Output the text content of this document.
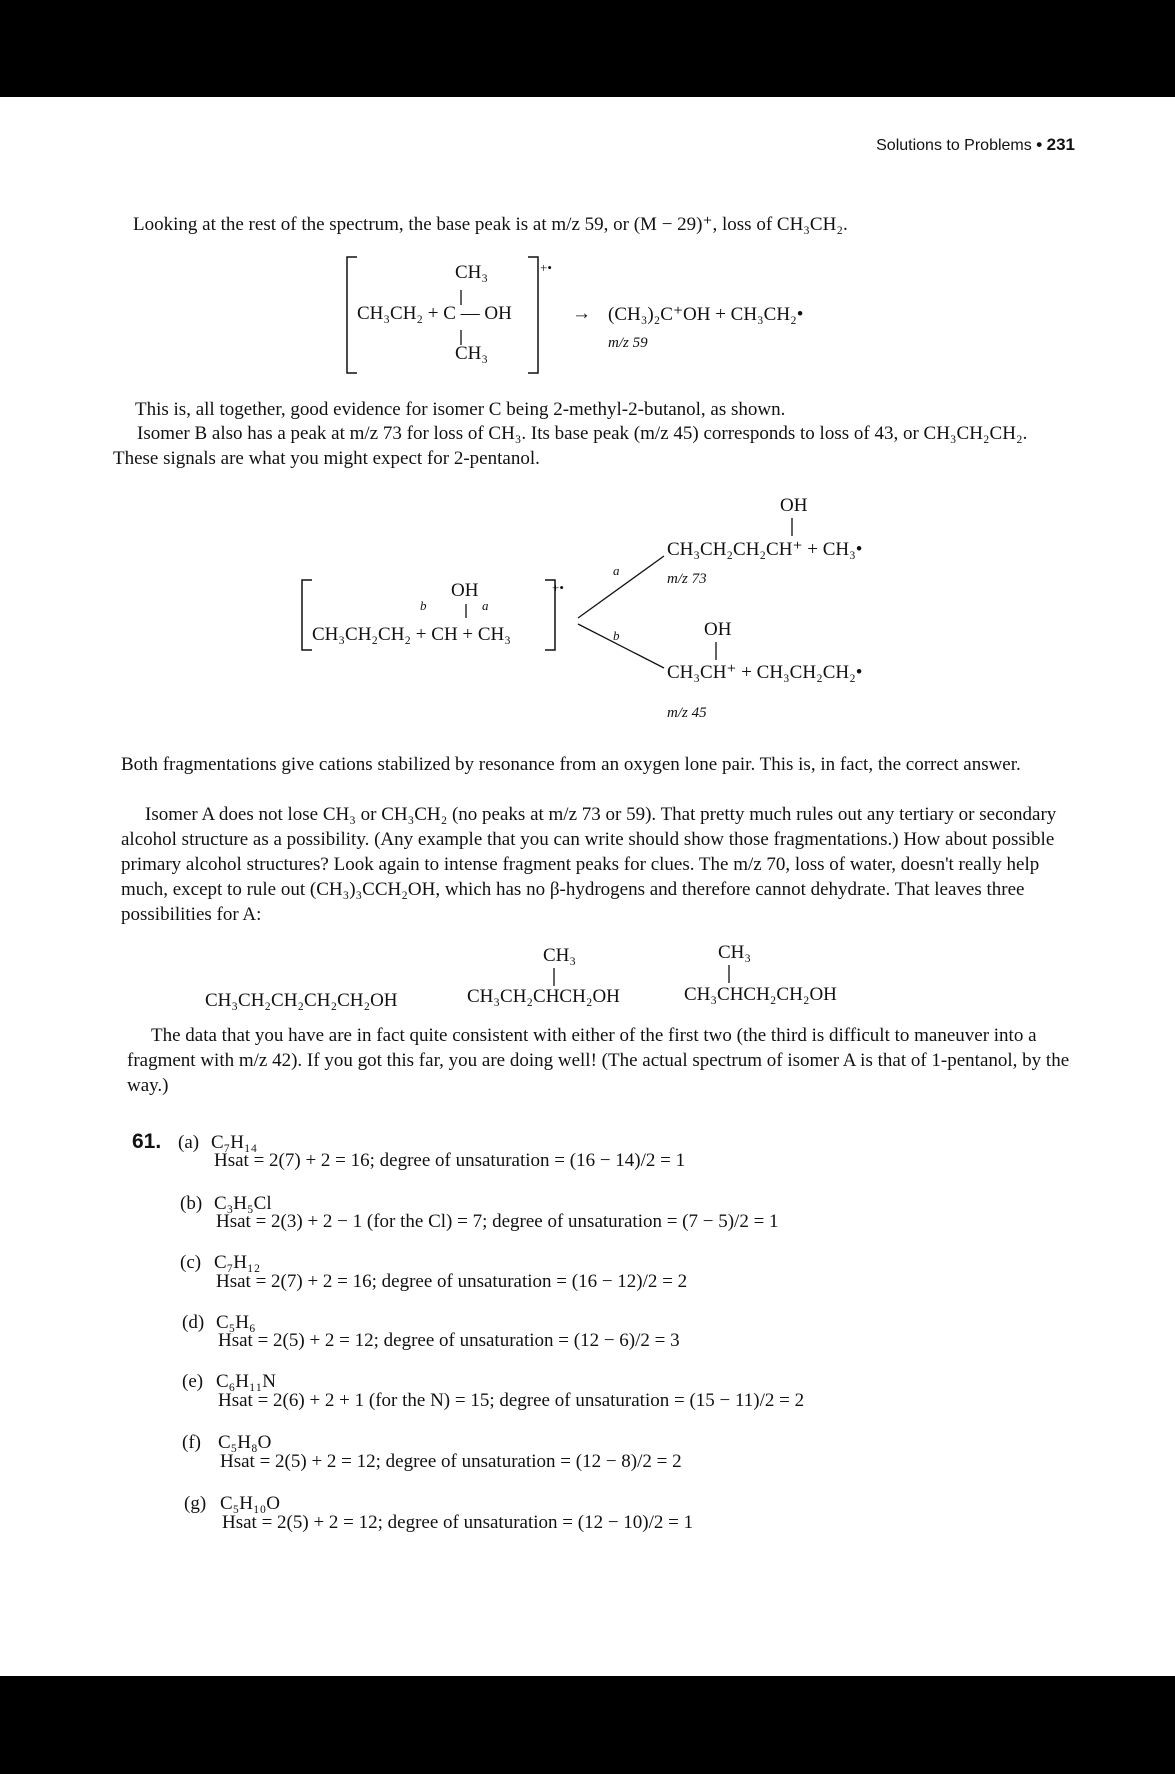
Solutions to Problems • 231
Looking at the rest of the spectrum, the base peak is at m/z 59, or (M − 29)⁺, loss of CH₃CH₂.
CH₃
CH₃CH₂ + C — OH
CH₃
+•
→ (CH₃)₂C⁺OH + CH₃CH₂•
m/z 59
This is, all together, good evidence for isomer C being 2-methyl-2-butanol, as shown.
Isomer B also has a peak at m/z 73 for loss of CH₃. Its base peak (m/z 45) corresponds to loss of 43, or CH₃CH₂CH₂. These signals are what you might expect for 2-pentanol.
OH
b	a
CH₃CH₂CH₂ + CH + CH₃
+•
a
b
OH
CH₃CH₂CH₂CH⁺ + CH₃•
m/z 73
OH
CH₃CH⁺ + CH₃CH₂CH₂•
m/z 45
Both fragmentations give cations stabilized by resonance from an oxygen lone pair. This is, in fact, the correct answer.
Isomer A does not lose CH₃ or CH₃CH₂ (no peaks at m/z 73 or 59). That pretty much rules out any tertiary or secondary alcohol structure as a possibility. (Any example that you can write should show those fragmentations.) How about possible primary alcohol structures? Look again to intense fragment peaks for clues. The m/z 70, loss of water, doesn't really help much, except to rule out (CH₃)₃CCH₂OH, which has no β-hydrogens and therefore cannot dehydrate. That leaves three possibilities for A:
CH₃CH₂CH₂CH₂CH₂OH
CH₃
CH₃CH₂CHCH₂OH
CH₃
CH₃CHCH₂CH₂OH
The data that you have are in fact quite consistent with either of the first two (the third is difficult to maneuver into a fragment with m/z 42). If you got this far, you are doing well! (The actual spectrum of isomer A is that of 1-pentanol, by the way.)
61. (a) C₇H₁₄
Hsat = 2(7) + 2 = 16; degree of unsaturation = (16 − 14)/2 = 1
(b) C₃H₅Cl
Hsat = 2(3) + 2 − 1 (for the Cl) = 7; degree of unsaturation = (7 − 5)/2 = 1
(c) C₇H₁₂
Hsat = 2(7) + 2 = 16; degree of unsaturation = (16 − 12)/2 = 2
(d) C₅H₆
Hsat = 2(5) + 2 = 12; degree of unsaturation = (12 − 6)/2 = 3
(e) C₆H₁₁N
Hsat = 2(6) + 2 + 1 (for the N) = 15; degree of unsaturation = (15 − 11)/2 = 2
(f) C₅H₈O
Hsat = 2(5) + 2 = 12; degree of unsaturation = (12 − 8)/2 = 2
(g) C₅H₁₀O
Hsat = 2(5) + 2 = 12; degree of unsaturation = (12 − 10)/2 = 1
